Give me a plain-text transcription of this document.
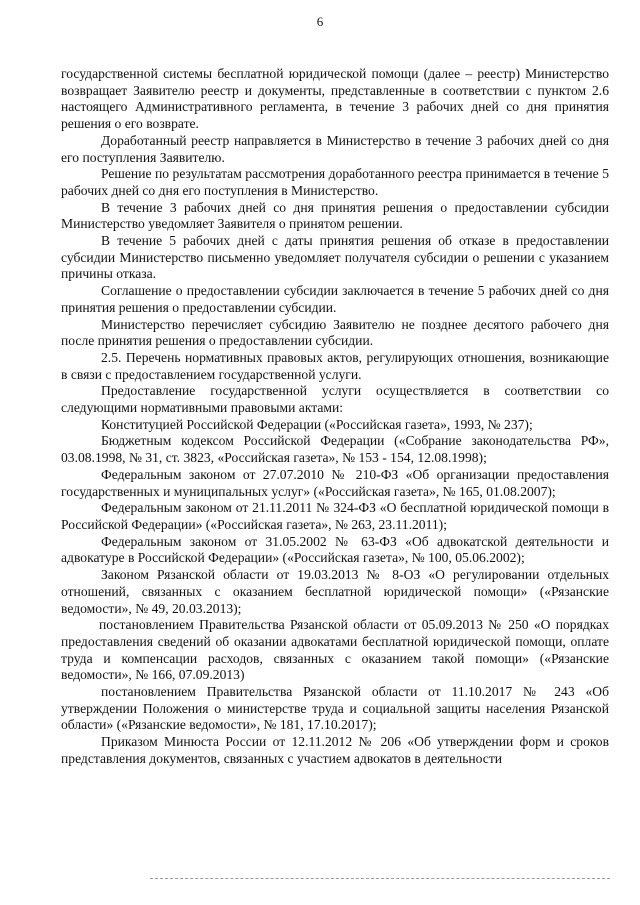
6

государственной системы бесплатной юридической помощи (далее – реестр) Министерство возвращает Заявителю реестр и документы, представленные в соответствии с пунктом 2.6 настоящего Административного регламента, в течение 3 рабочих дней со дня принятия решения о его возврате.

Доработанный реестр направляется в Министерство в течение 3 рабочих дней со дня его поступления Заявителю.

Решение по результатам рассмотрения доработанного реестра принимается в течение 5 рабочих дней со дня его поступления в Министерство.

В течение 3 рабочих дней со дня принятия решения о предоставлении субсидии Министерство уведомляет Заявителя о принятом решении.

В течение 5 рабочих дней с даты принятия решения об отказе в предоставлении субсидии Министерство письменно уведомляет получателя субсидии о решении с указанием причины отказа.

Соглашение о предоставлении субсидии заключается в течение 5 рабочих дней со дня принятия решения о предоставлении субсидии.

Министерство перечисляет субсидию Заявителю не позднее десятого рабочего дня после принятия решения о предоставлении субсидии.

2.5. Перечень нормативных правовых актов, регулирующих отношения, возникающие в связи с предоставлением государственной услуги.

Предоставление государственной услуги осуществляется в соответствии со следующими нормативными правовыми актами:

Конституцией Российской Федерации («Российская газета», 1993, № 237);

Бюджетным кодексом Российской Федерации («Собрание законодательства РФ», 03.08.1998, № 31, ст. 3823, «Российская газета», № 153 - 154, 12.08.1998);

Федеральным законом от 27.07.2010 № 210-ФЗ «Об организации предоставления государственных и муниципальных услуг» («Российская газета», № 165, 01.08.2007);

Федеральным законом от 21.11.2011 № 324-ФЗ «О бесплатной юридической помощи в Российской Федерации» («Российская газета», № 263, 23.11.2011);

Федеральным законом от 31.05.2002 № 63-ФЗ «Об адвокатской деятельности и адвокатуре в Российской Федерации» («Российская газета», № 100, 05.06.2002);

Законом Рязанской области от 19.03.2013 № 8-ОЗ «О регулировании отдельных отношений, связанных с оказанием бесплатной юридической помощи» («Рязанские ведомости», № 49, 20.03.2013);

постановлением Правительства Рязанской области от 05.09.2013 № 250 «О порядках предоставления сведений об оказании адвокатами бесплатной юридической помощи, оплате труда и компенсации расходов, связанных с оказанием такой помощи» («Рязанские ведомости», № 166, 07.09.2013)

постановлением Правительства Рязанской области от 11.10.2017 № 243 «Об утверждении Положения о министерстве труда и социальной защиты населения Рязанской области» («Рязанские ведомости», № 181, 17.10.2017);

Приказом Минюста России от 12.11.2012 № 206 «Об утверждении форм и сроков представления документов, связанных с участием адвокатов в деятельности
